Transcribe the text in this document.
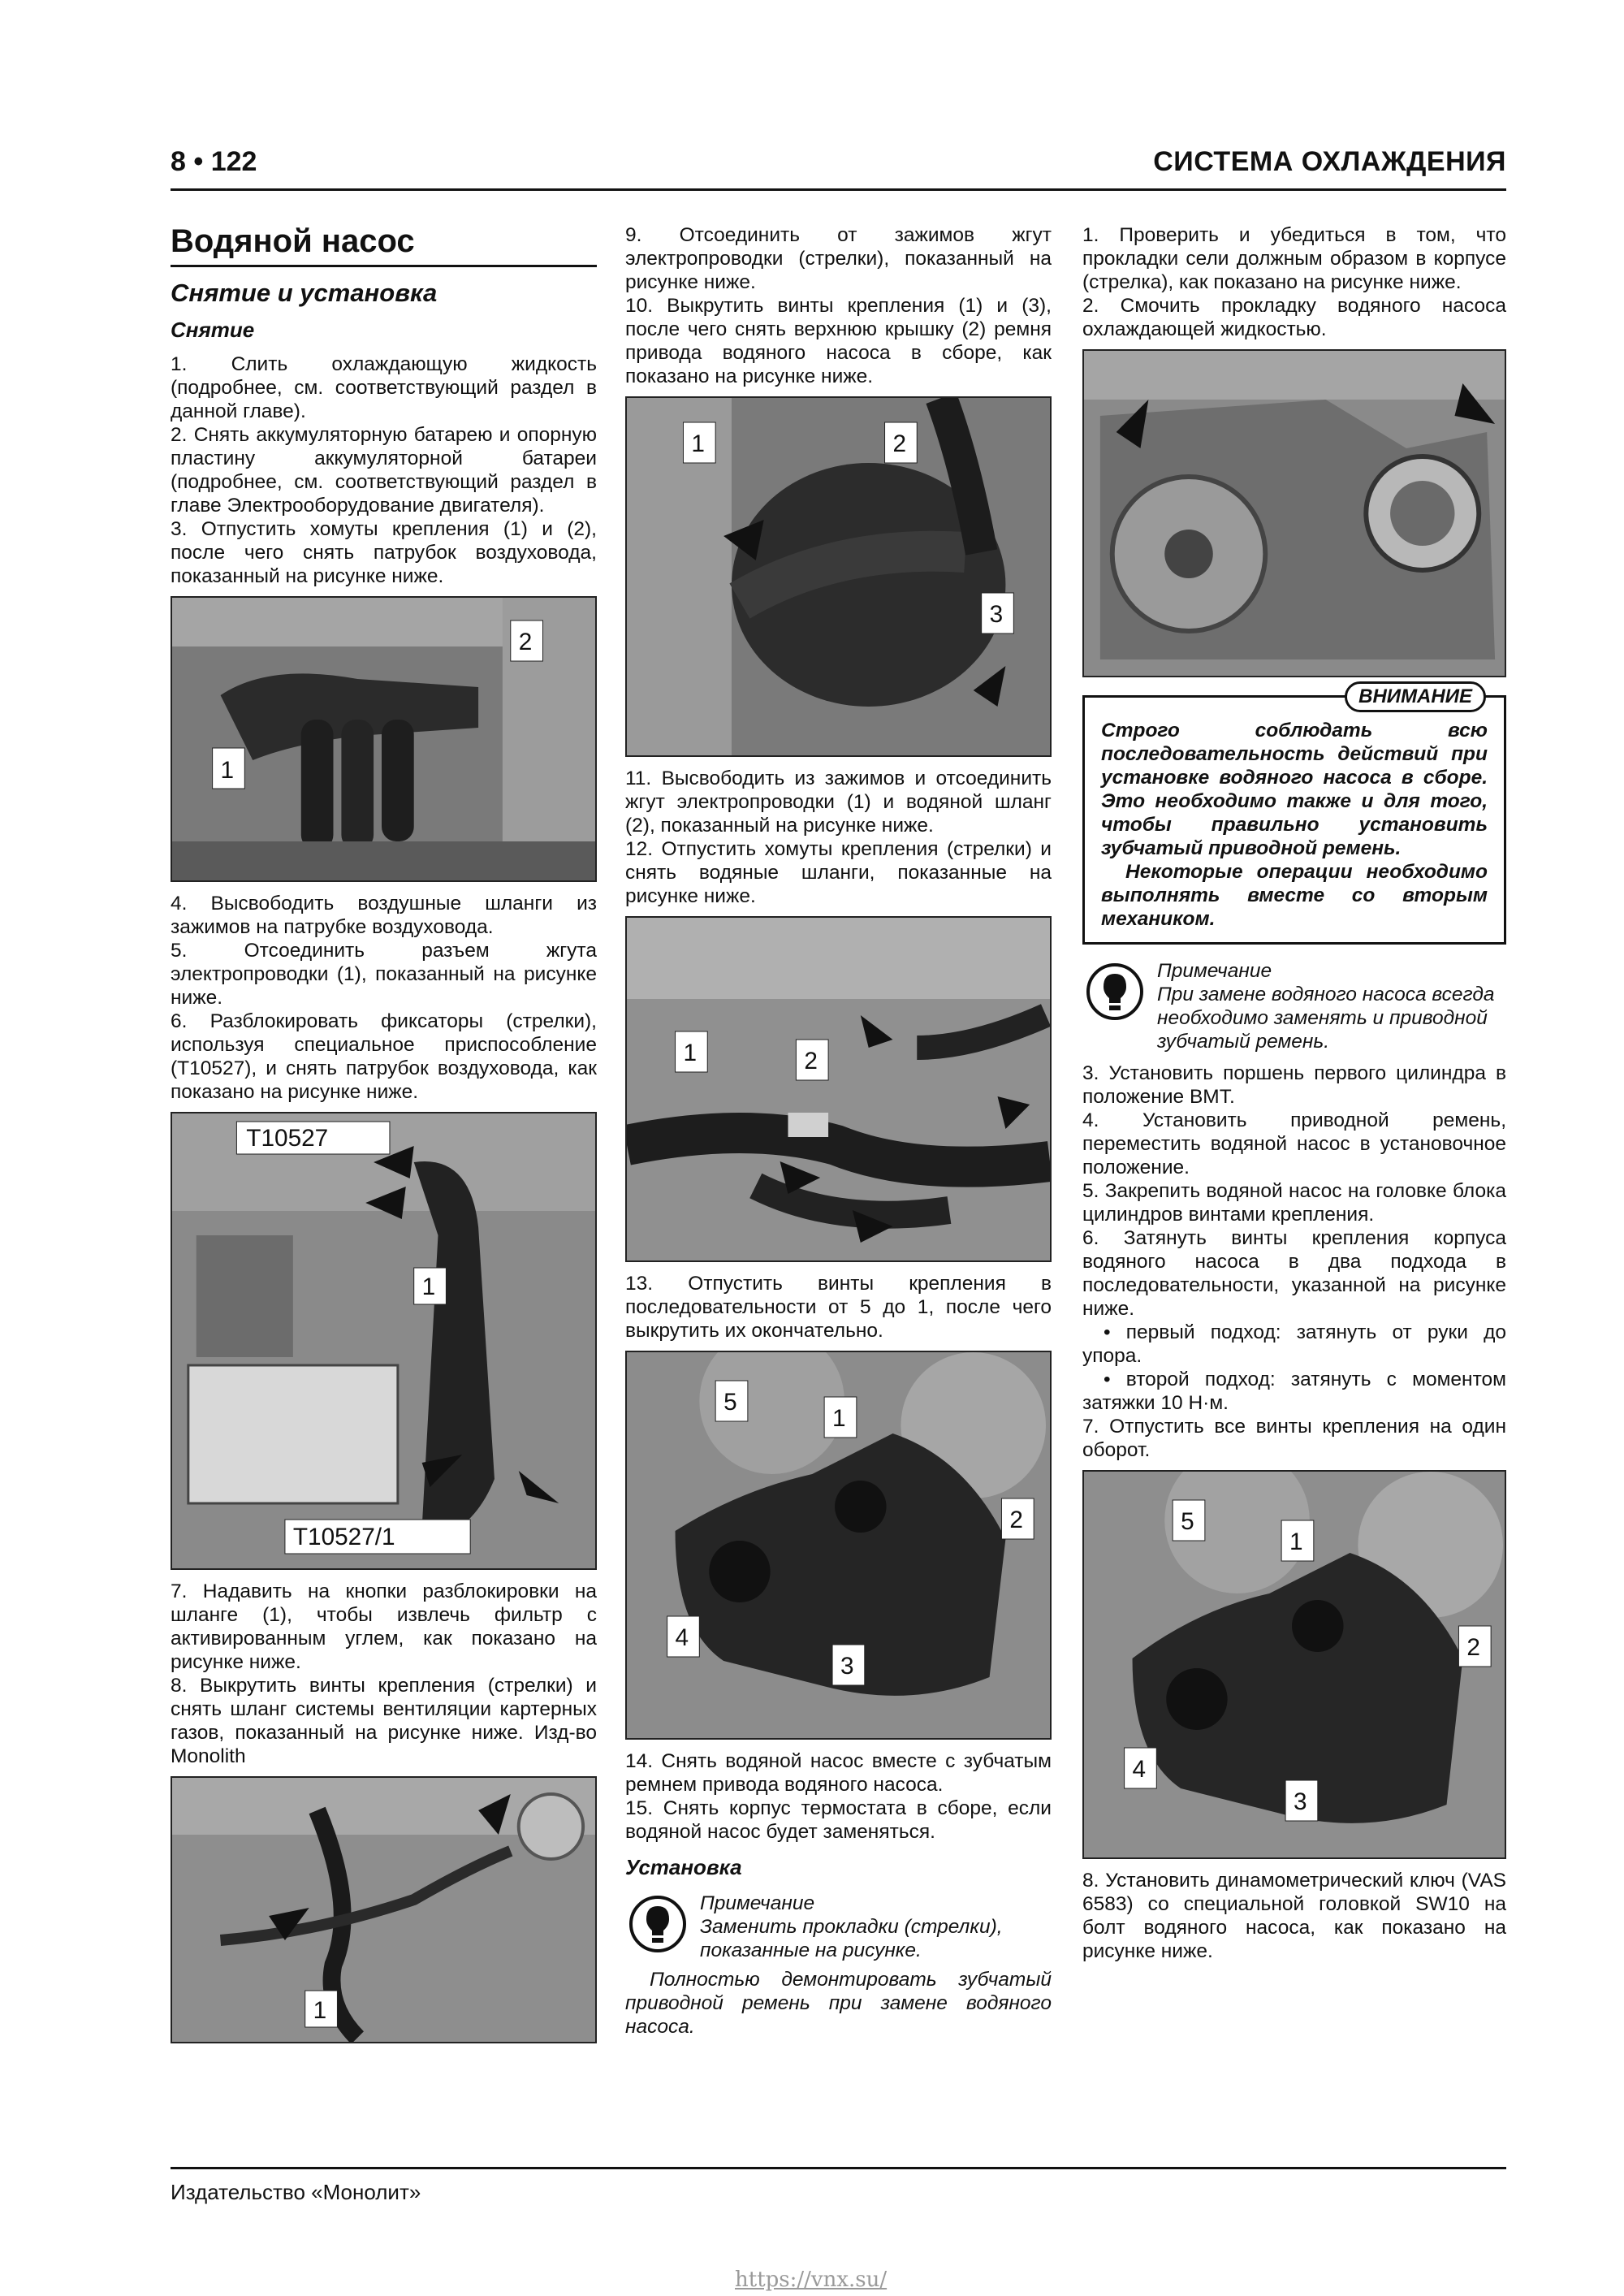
8 • 122	СИСТЕМА ОХЛАЖДЕНИЯ
Водяной насос
Снятие и установка
Снятие

1. Слить охлаждающую жидкость (подробнее, см. соответствующий раздел в данной главе).

2. Снять аккумуляторную батарею и опорную пластину аккумуляторной батареи (подробнее, см. соответствующий раздел в главе Электрооборудование двигателя).

3. Отпустить хомуты крепления (1) и (2), после чего снять патрубок воздуховода, показанный на рисунке ниже.

1
2

4. Высвободить воздушные шланги из зажимов на патрубке воздуховода.

5. Отсоединить разъем жгута электропроводки (1), показанный на рисунке ниже.

6. Разблокировать фиксаторы (стрелки), используя специальное приспособление (T10527), и снять патрубок воздуховода, как показано на рисунке ниже.

T10527
1
T10527/1

7. Надавить на кнопки разблокировки на шланге (1), чтобы извлечь фильтр с активированным углем, как показано на рисунке ниже.

8. Выкрутить винты крепления (стрелки) и снять шланг системы вентиляции картерных газов, показанный на рисунке ниже. Изд-во Monolith

1

9. Отсоединить от зажимов жгут электропроводки (стрелки), показанный на рисунке ниже.

10. Выкрутить винты крепления (1) и (3), после чего снять верхнюю крышку (2) ремня привода водяного насоса в сборе, как показано на рисунке ниже.

1	2
3

11. Высвободить из зажимов и отсоединить жгут электропроводки (1) и водяной шланг (2), показанный на рисунке ниже.

12. Отпустить хомуты крепления (стрелки) и снять водяные шланги, показанные на рисунке ниже.

1	2

13. Отпустить винты крепления в последовательности от 5 до 1, после чего выкрутить их окончательно.

5
1
2
4
3

14. Снять водяной насос вместе с зубчатым ремнем привода водяного насоса.

15. Снять корпус термостата в сборе, если водяной насос будет заменяться.

Установка
Примечание
Заменить прокладки (стрелки), показанные на рисунке.

Полностью демонтировать зубчатый приводной ремень при замене водяного насоса.

1. Проверить и убедиться в том, что прокладки сели должным образом в корпусе (стрелка), как показано на рисунке ниже.

2. Смочить прокладку водяного насоса охлаждающей жидкостью.

ВНИМАНИЕ

Строго соблюдать всю последовательность действий при установке водяного насоса в сборе. Это необходимо также и для того, чтобы правильно установить зубчатый приводной ремень.

Некоторые операции необходимо выполнять вместе со вторым механиком.

Примечание
При замене водяного насоса всегда необходимо заменять и приводной зубчатый ремень.

3. Установить поршень первого цилиндра в положение ВМТ.

4. Установить приводной ремень, переместить водяной насос в установочное положение.

5. Закрепить водяной насос на головке блока цилиндров винтами крепления.

6. Затянуть винты крепления корпуса водяного насоса в два подхода в последовательности, указанной на рисунке ниже.

• первый подход: затянуть от руки до упора.

• второй подход: затянуть с моментом затяжки 10 Н·м.

7. Отпустить все винты крепления на один оборот.

5
1
2
4
3

8. Установить динамометрический ключ (VAS 6583) со специальной головкой SW10 на болт водяного насоса, как показано на рисунке ниже.

Издательство «Монолит»
https://vnx.su/
